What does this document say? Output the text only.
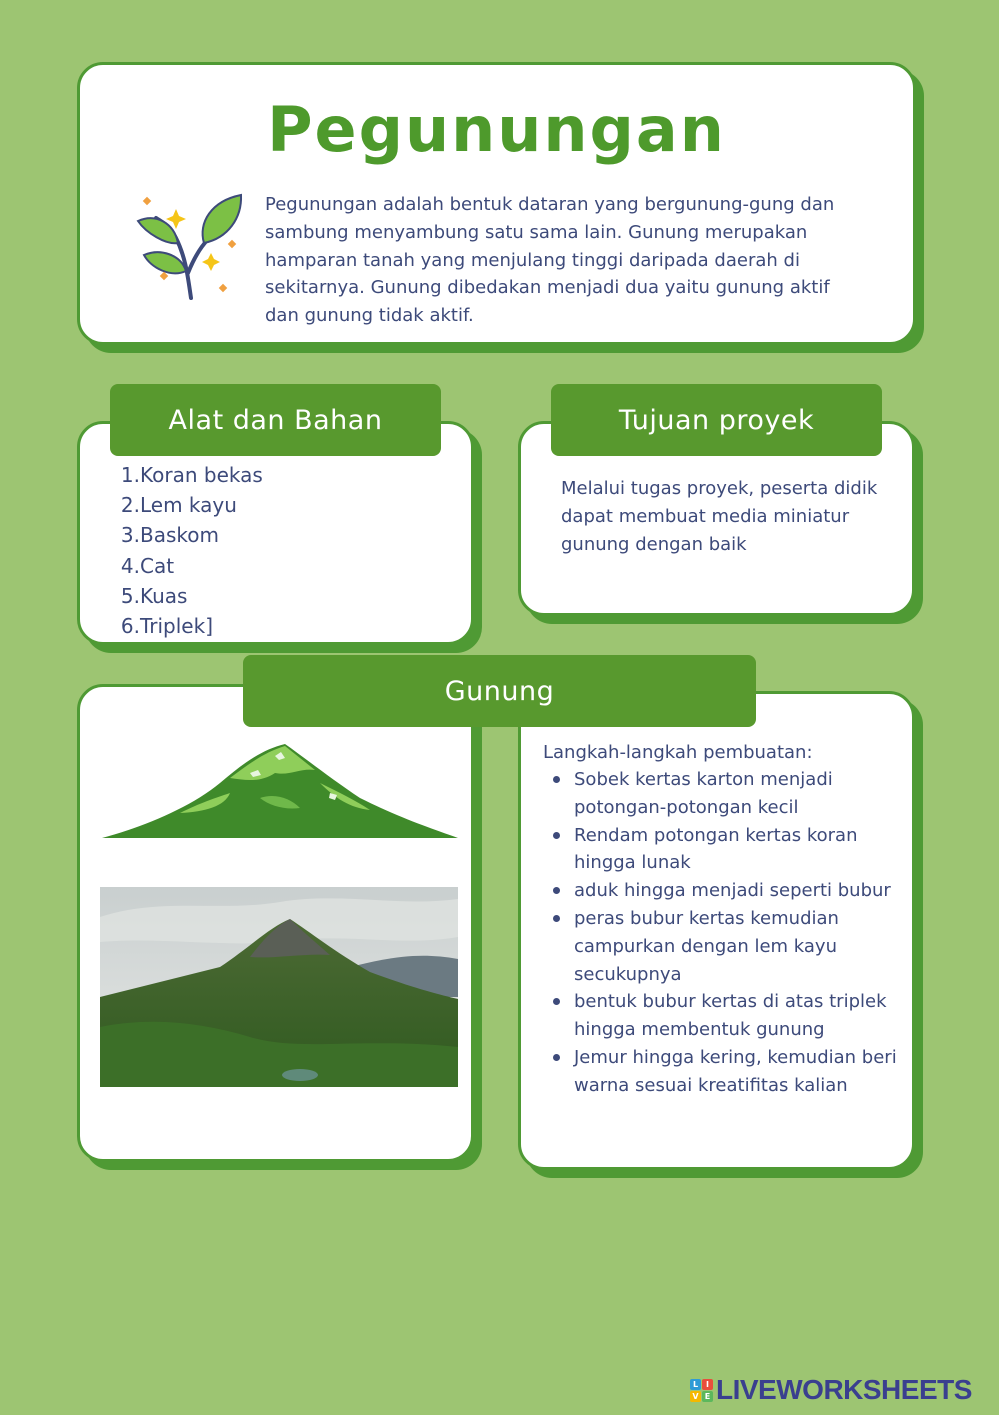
Pegunungan

Pegunungan adalah bentuk dataran yang bergunung-gung dan sambung menyambung satu sama lain. Gunung merupakan hamparan tanah yang menjulang tinggi daripada daerah di sekitarnya. Gunung dibedakan menjadi dua yaitu gunung aktif dan gunung tidak aktif.

Alat dan Bahan
1. Koran bekas
2. Lem kayu
3. Baskom
4. Cat
5. Kuas
6. Triplek]
Tujuan proyek

Melalui tugas proyek, peserta didik dapat membuat media miniatur gunung dengan baik

Gunung

Langkah-langkah pembuatan:

Sobek kertas karton menjadi potongan-potongan kecil
Rendam potongan kertas koran hingga lunak
aduk hingga menjadi seperti bubur
peras bubur kertas kemudian campurkan dengan lem kayu secukupnya
bentuk bubur kertas di atas triplek hingga membentuk gunung
Jemur hingga kering, kemudian beri warna sesuai kreatifitas kalian
L I
V E LIVEWORKSHEETS
